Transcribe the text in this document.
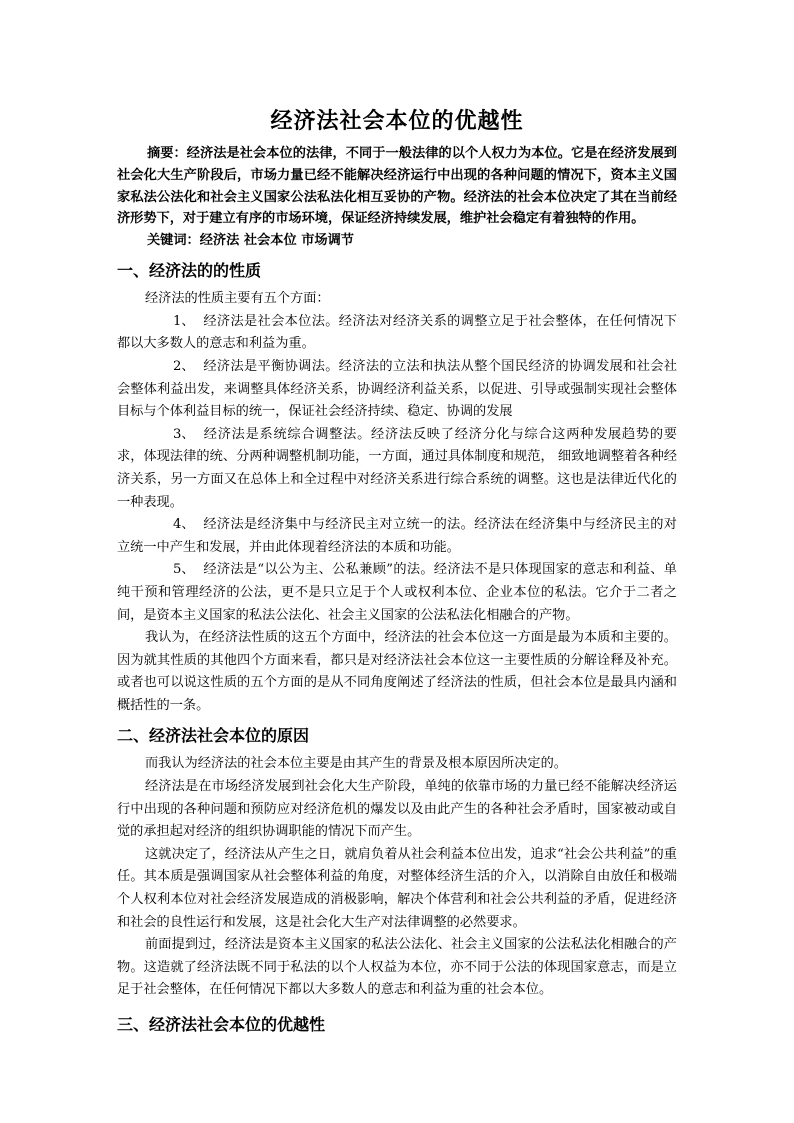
经济法社会本位的优越性

摘要：经济法是社会本位的法律，不同于一般法律的以个人权力为本位。它是在经济发展到社会化大生产阶段后，市场力量已经不能解决经济运行中出现的各种问题的情况下，资本主义国家私法公法化和社会主义国家公法私法化相互妥协的产物。经济法的社会本位决定了其在当前经济形势下，对于建立有序的市场环境，保证经济持续发展，维护社会稳定有着独特的作用。

关键词：经济法 社会本位 市场调节

一、经济法的的性质

经济法的性质主要有五个方面：

1、 经济法是社会本位法。经济法对经济关系的调整立足于社会整体，在任何情况下都以大多数人的意志和利益为重。

2、 经济法是平衡协调法。经济法的立法和执法从整个国民经济的协调发展和社会社会整体利益出发，来调整具体经济关系，协调经济利益关系，以促进、引导或强制实现社会整体目标与个体利益目标的统一，保证社会经济持续、稳定、协调的发展

3、 经济法是系统综合调整法。经济法反映了经济分化与综合这两种发展趋势的要求，体现法律的统、分两种调整机制功能，一方面，通过具体制度和规范， 细致地调整着各种经济关系，另一方面又在总体上和全过程中对经济关系进行综合系统的调整。这也是法律近代化的一种表现。

4、 经济法是经济集中与经济民主对立统一的法。经济法在经济集中与经济民主的对立统一中产生和发展，并由此体现着经济法的本质和功能。

5、 经济法是“以公为主、公私兼顾”的法。经济法不是只体现国家的意志和利益、单纯干预和管理经济的公法，更不是只立足于个人或权利本位、企业本位的私法。它介于二者之间，是资本主义国家的私法公法化、社会主义国家的公法私法化相融合的产物。

我认为，在经济法性质的这五个方面中，经济法的社会本位这一方面是最为本质和主要的。因为就其性质的其他四个方面来看，都只是对经济法社会本位这一主要性质的分解诠释及补充。或者也可以说这性质的五个方面的是从不同角度阐述了经济法的性质，但社会本位是最具内涵和概括性的一条。

二、经济法社会本位的原因

而我认为经济法的社会本位主要是由其产生的背景及根本原因所决定的。

经济法是在市场经济发展到社会化大生产阶段，单纯的依靠市场的力量已经不能解决经济运行中出现的各种问题和预防应对经济危机的爆发以及由此产生的各种社会矛盾时，国家被动或自觉的承担起对经济的组织协调职能的情况下而产生。

这就决定了，经济法从产生之日，就肩负着从社会利益本位出发，追求“社会公共利益”的重任。其本质是强调国家从社会整体利益的角度，对整体经济生活的介入，以消除自由放任和极端个人权利本位对社会经济发展造成的消极影响，解决个体营利和社会公共利益的矛盾，促进经济和社会的良性运行和发展，这是社会化大生产对法律调整的必然要求。

前面提到过，经济法是资本主义国家的私法公法化、社会主义国家的公法私法化相融合的产物。这造就了经济法既不同于私法的以个人权益为本位，亦不同于公法的体现国家意志，而是立足于社会整体，在任何情况下都以大多数人的意志和利益为重的社会本位。

三、经济法社会本位的优越性
